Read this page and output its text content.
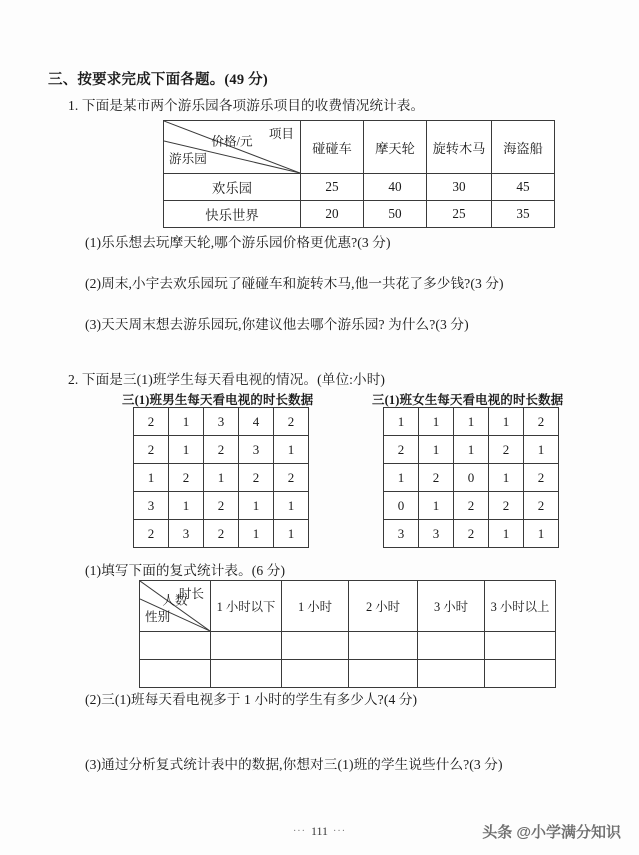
三、按要求完成下面各题。(49 分)
1. 下面是某市两个游乐园各项游乐项目的收费情况统计表。
项目
价格/元
游乐园	碰碰车	摩天轮	旋转木马	海盗船
欢乐园	25	40	30	45
快乐世界	20	50	25	35
(1)乐乐想去玩摩天轮,哪个游乐园价格更优惠?(3 分)
(2)周末,小宇去欢乐园玩了碰碰车和旋转木马,他一共花了多少钱?(3 分)
(3)天天周末想去游乐园玩,你建议他去哪个游乐园? 为什么?(3 分)
2. 下面是三(1)班学生每天看电视的情况。(单位:小时)
三(1)班男生每天看电视的时长数据
2	1	3	4	2
2	1	2	3	1
1	2	1	2	2
3	1	2	1	1
2	3	2	1	1
三(1)班女生每天看电视的时长数据
1	1	1	1	2
2	1	1	2	1
1	2	0	1	2
0	1	2	2	2
3	3	2	1	1
(1)填写下面的复式统计表。(6 分)
时长
人数
性别	1 小时以下	1 小时	2 小时	3 小时	3 小时以上

(2)三(1)班每天看电视多于 1 小时的学生有多少人?(4 分)
(3)通过分析复式统计表中的数据,你想对三(1)班的学生说些什么?(3 分)
··· 111 ···	头条 @小学满分知识
